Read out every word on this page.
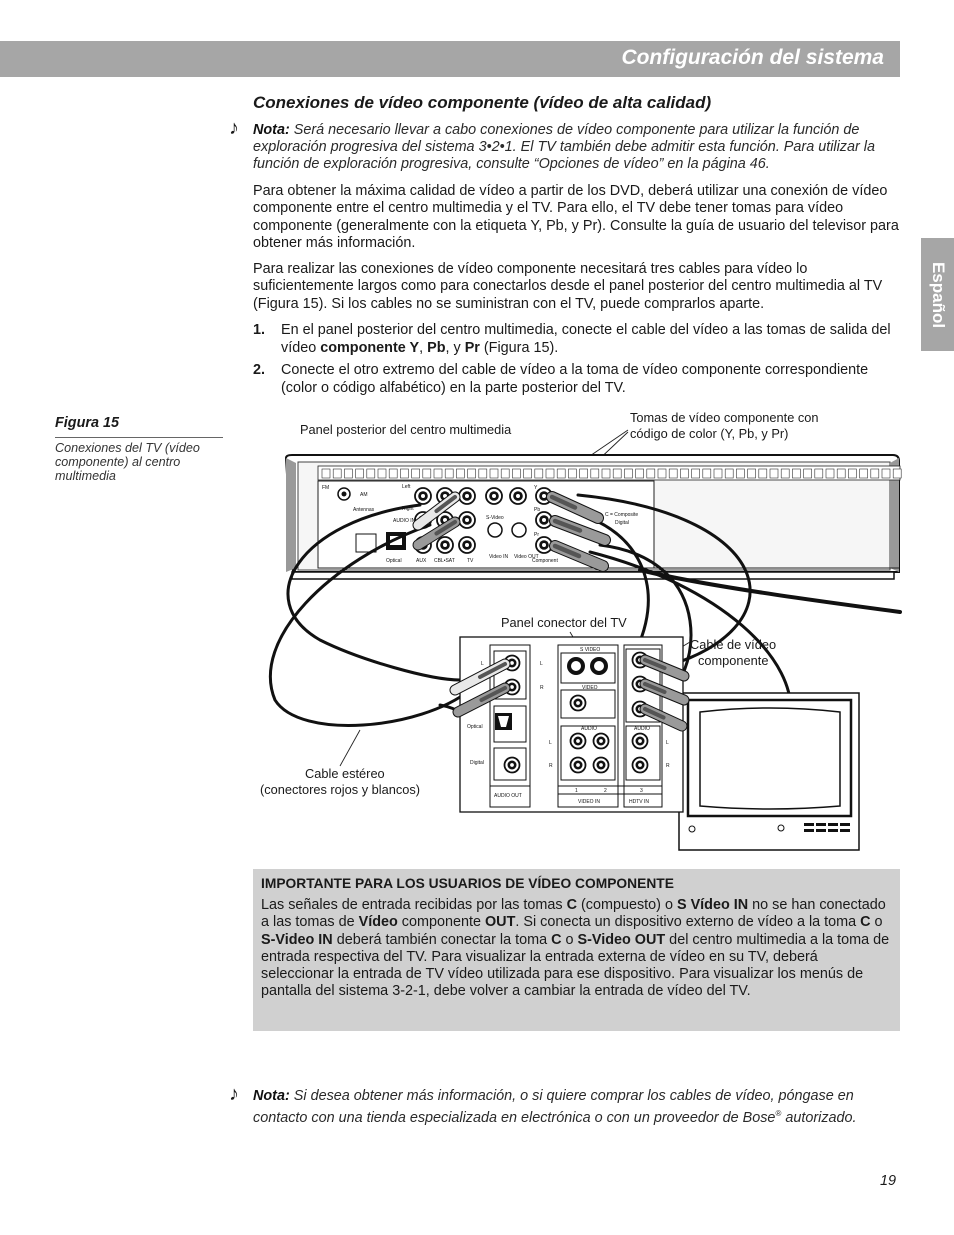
Configuración del sistema
Español
Conexiones de vídeo componente (vídeo de alta calidad)
♪ Nota: Será necesario llevar a cabo conexiones de vídeo componente para utilizar la función de exploración progresiva del sistema 3•2•1. El TV también debe admitir esta función. Para utilizar la función de exploración progresiva, consulte “Opciones de vídeo” en la página 46.
Para obtener la máxima calidad de vídeo a partir de los DVD, deberá utilizar una conexión de vídeo componente entre el centro multimedia y el TV. Para ello, el TV debe tener tomas para vídeo componente (generalmente con la etiqueta Y, Pb, y Pr). Consulte la guía de usuario del televisor para obtener más información.
Para realizar las conexiones de vídeo componente necesitará tres cables para vídeo lo suficientemente largos como para conectarlos desde el panel posterior del centro multimedia al TV (Figura 15). Si los cables no se suministran con el TV, puede comprarlos aparte.
1. En el panel posterior del centro multimedia, conecte el cable del vídeo a las tomas de salida del vídeo componente Y, Pb, y Pr (Figura 15).
2. Conecte el otro extremo del cable de vídeo a la toma de vídeo componente correspondiente (color o código alfabético) en la parte posterior del TV.
Figura 15
Conexiones del TV (vídeo componente) al centro multimedia
Panel posterior del centro multimedia
Tomas de vídeo componente con
código de color (Y, Pb, y Pr)
FM
AM
Antennas
Optical
AUDIO IN
Left
Right
AUX CBL•SAT TV
S-Video
Video IN Video OUT
Component
C = Composite
Digital
Y
Pb
Pr
Panel conector del TV
Cable de vídeo
componente
Cable estéreo
(conectores rojos y blancos)
S VIDEO
VIDEO
AUDIO	AUDIO
Optical
Digital
AUDIO OUT
VIDEO IN	HDTV IN
1	2	3
L	L
R
L
R
L
R
IMPORTANTE PARA LOS USUARIOS DE VÍDEO COMPONENTE
Las señales de entrada recibidas por las tomas C (compuesto) o S Vídeo IN no se han conectado a las tomas de Vídeo componente OUT. Si conecta un dispositivo externo de vídeo a la toma C o S-Video IN deberá también conectar la toma C o S-Video OUT del centro multimedia a la toma de entrada respectiva del TV. Para visualizar la entrada externa de vídeo en su TV, deberá seleccionar la entrada de TV vídeo utilizada para ese dispositivo. Para visualizar los menús de pantalla del sistema 3-2-1, debe volver a cambiar la entrada de vídeo del TV.
♪ Nota: Si desea obtener más información, o si quiere comprar los cables de vídeo, póngase en contacto con una tienda especializada en electrónica o con un proveedor de Bose® autorizado.
19
